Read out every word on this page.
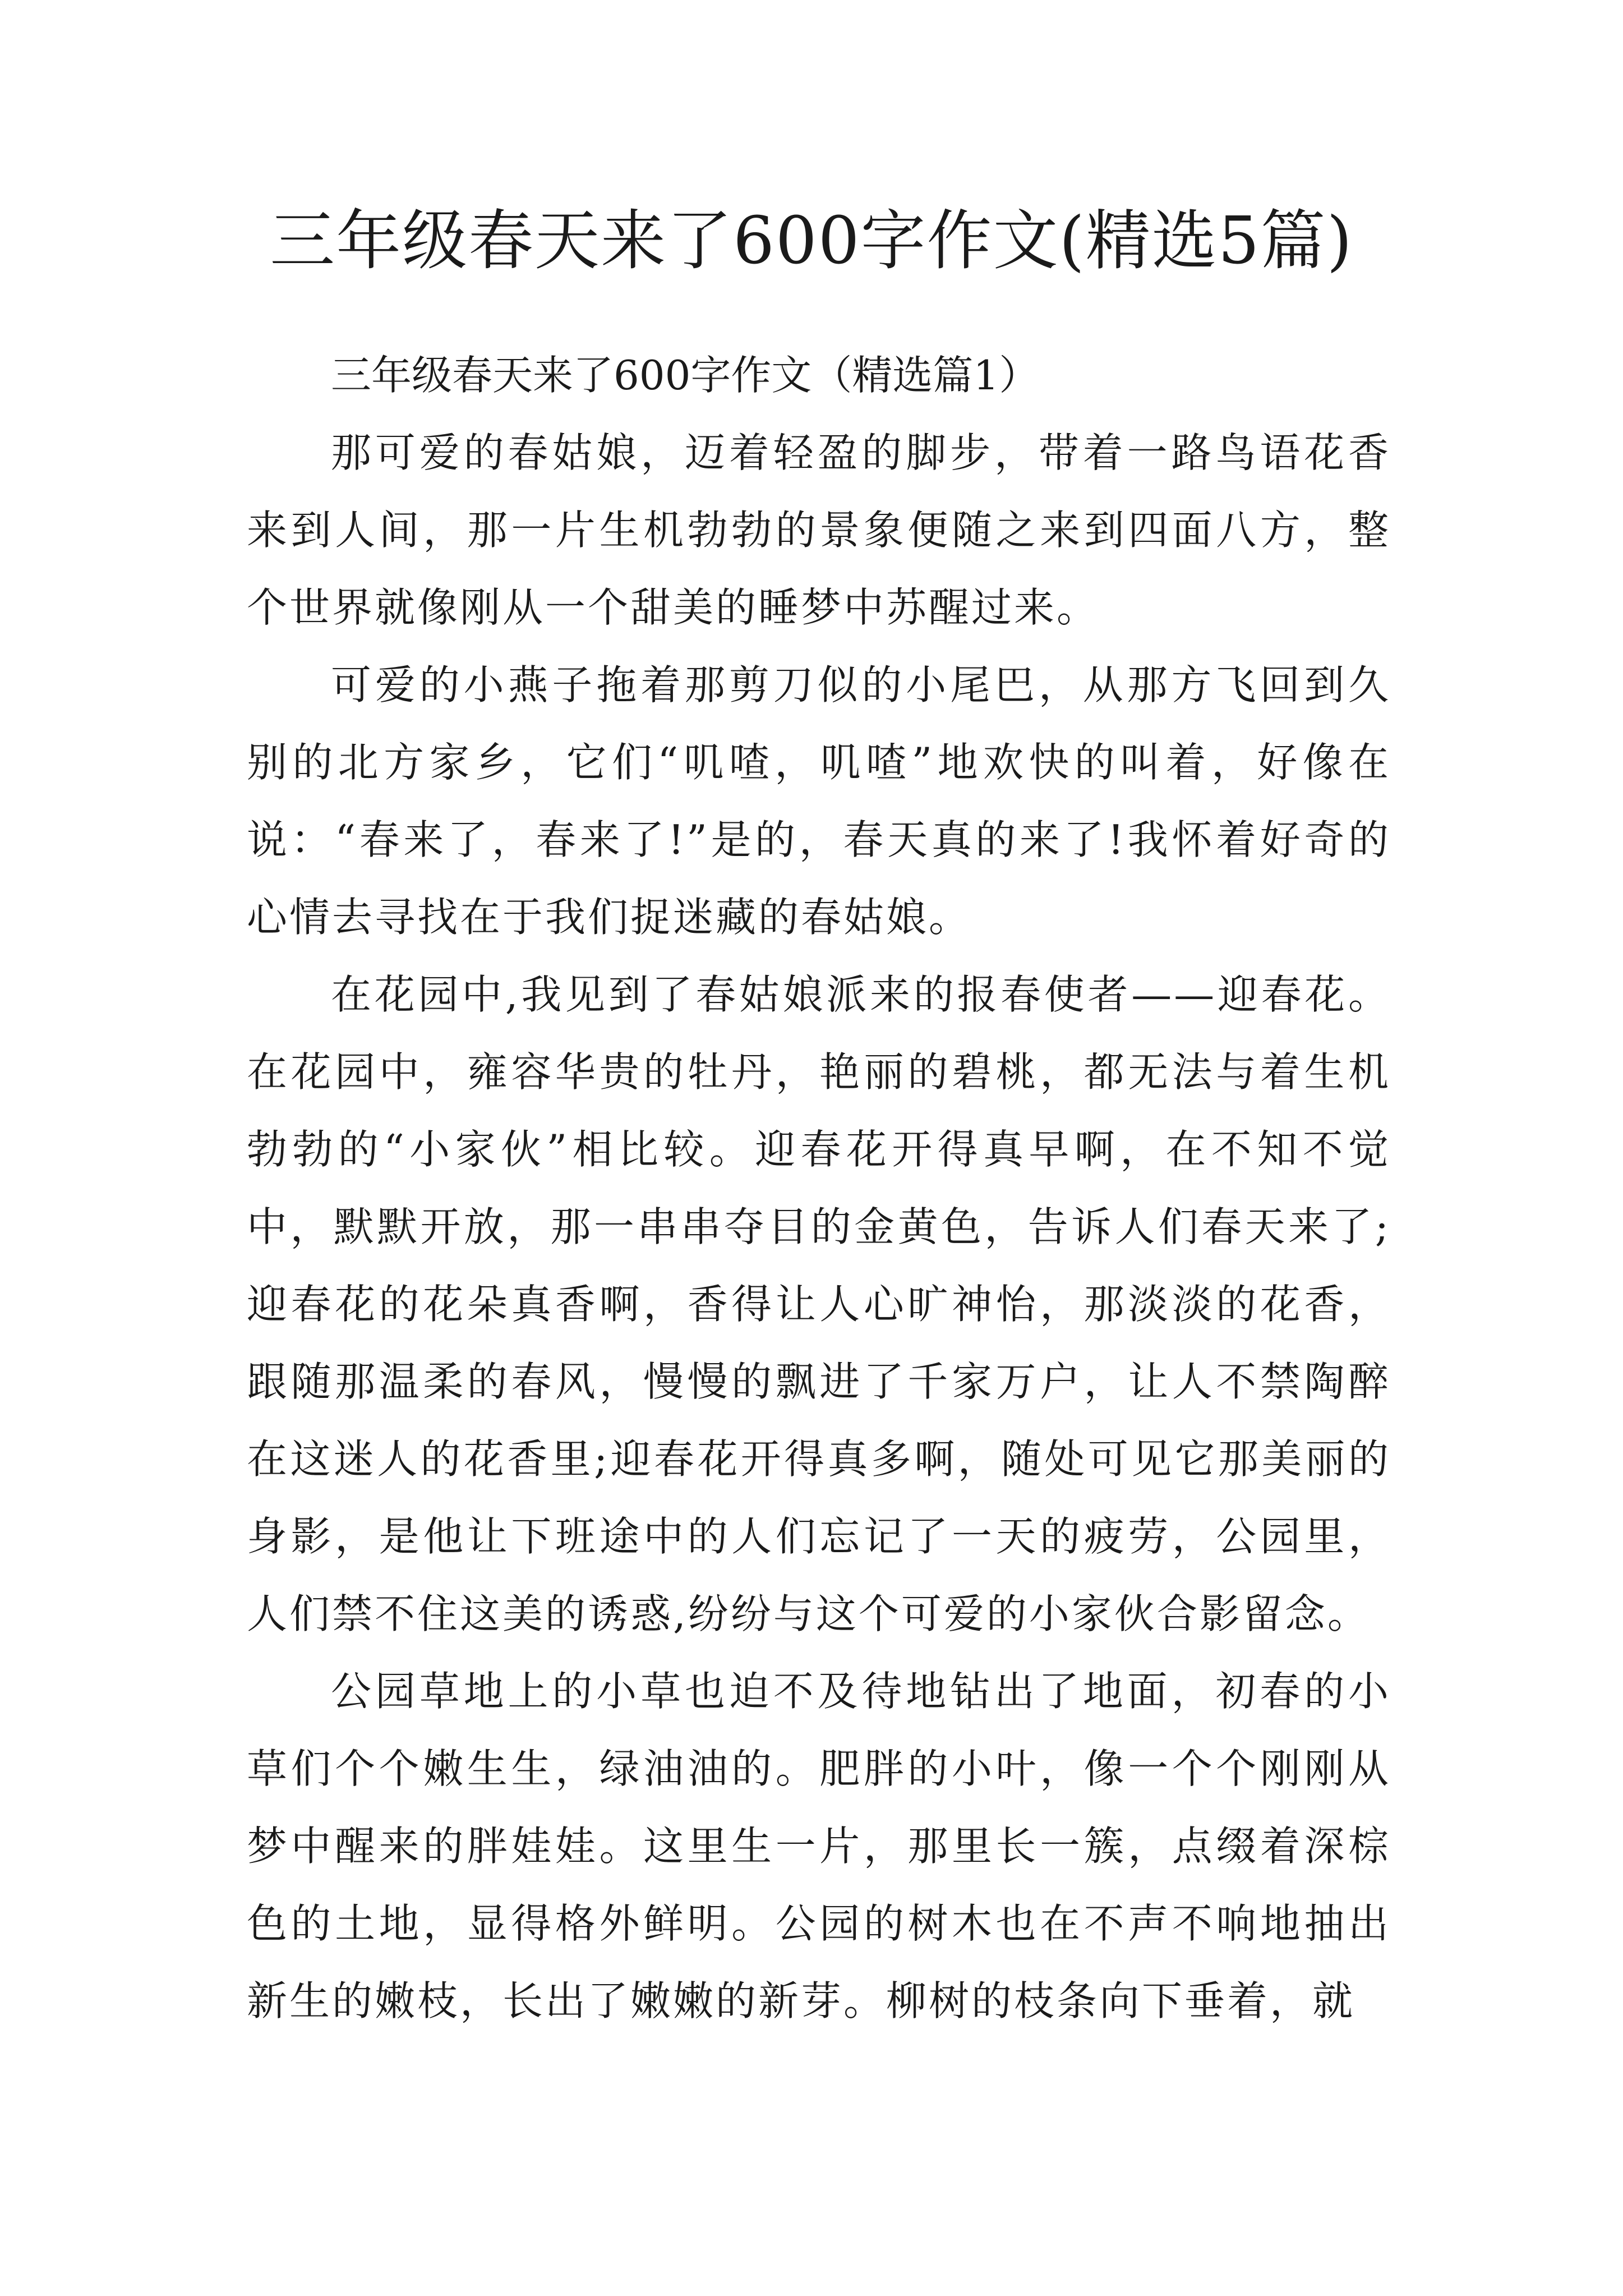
三年级春天来了600字作文(精选5篇)

三年级春天来了600字作文（精选篇1）

那可爱的春姑娘，迈着轻盈的脚步，带着一路鸟语花香来到人间，那一片生机勃勃的景象便随之来到四面八方，整个世界就像刚从一个甜美的睡梦中苏醒过来。

可爱的小燕子拖着那剪刀似的小尾巴，从那方飞回到久别的北方家乡，它们“叽喳，叽喳”地欢快的叫着，好像在说：“春来了，春来了!”是的，春天真的来了!我怀着好奇的心情去寻找在于我们捉迷藏的春姑娘。

在花园中,我见到了春姑娘派来的报春使者——迎春花。在花园中，雍容华贵的牡丹，艳丽的碧桃，都无法与着生机勃勃的“小家伙”相比较。迎春花开得真早啊，在不知不觉中，默默开放，那一串串夺目的金黄色，告诉人们春天来了;迎春花的花朵真香啊，香得让人心旷神怡，那淡淡的花香，跟随那温柔的春风，慢慢的飘进了千家万户，让人不禁陶醉在这迷人的花香里;迎春花开得真多啊，随处可见它那美丽的身影，是他让下班途中的人们忘记了一天的疲劳，公园里，人们禁不住这美的诱惑,纷纷与这个可爱的小家伙合影留念。

公园草地上的小草也迫不及待地钻出了地面，初春的小草们个个嫩生生，绿油油的。肥胖的小叶，像一个个刚刚从梦中醒来的胖娃娃。这里生一片，那里长一簇，点缀着深棕色的土地，显得格外鲜明。公园的树木也在不声不响地抽出新生的嫩枝，长出了嫩嫩的新芽。柳树的枝条向下垂着，就
